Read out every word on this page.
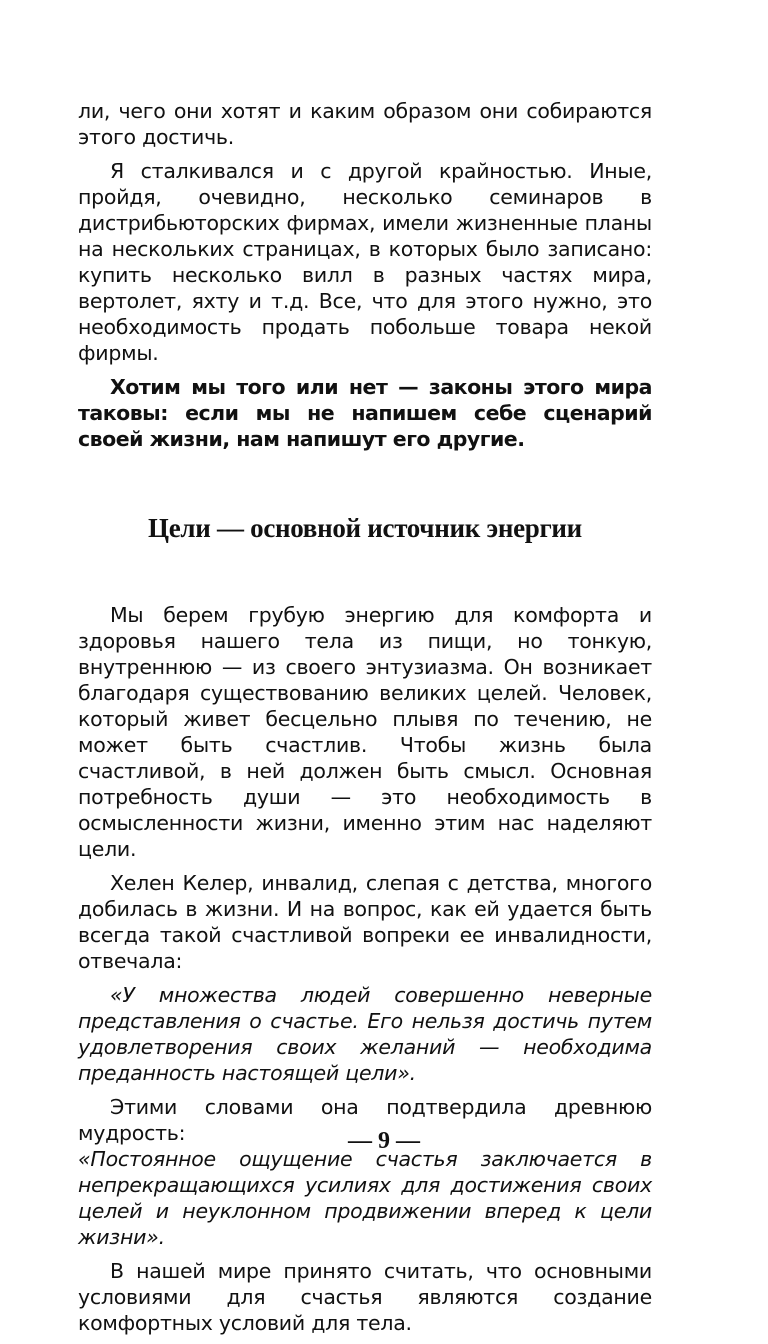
ли, чего они хотят и каким образом они собираются этого достичь.

Я сталкивался и с другой крайностью. Иные, пройдя, очевидно, несколько семинаров в дистрибьюторских фирмах, имели жизненные планы на нескольких страницах, в которых было записано: купить несколько вилл в разных частях мира, вертолет, яхту и т.д. Все, что для этого нужно, это необходимость продать побольше товара некой фирмы.

Хотим мы того или нет — законы этого мира таковы: если мы не напишем себе сценарий своей жизни, нам напишут его другие.

Цели — основной источник энергии

Мы берем грубую энергию для комфорта и здоровья нашего тела из пищи, но тонкую, внутреннюю — из своего энтузиазма. Он возникает благодаря существованию великих целей. Человек, который живет бесцельно плывя по течению, не может быть счастлив. Чтобы жизнь была счастливой, в ней должен быть смысл. Основная потребность души — это необходимость в осмысленности жизни, именно этим нас наделяют цели.

Хелен Келер, инвалид, слепая с детства, многого добилась в жизни. И на вопрос, как ей удается быть всегда такой счастливой вопреки ее инвалидности, отвечала:

«У множества людей совершенно неверные представления о счастье. Его нельзя достичь путем удовлетворения своих желаний — необходима преданность настоящей цели».

Этими словами она подтвердила древнюю мудрость:

«Постоянное ощущение счастья заключается в непрекращающихся усилиях для достижения своих целей и неуклонном продвижении вперед к цели жизни».

В нашей мире принято считать, что основными условиями для счастья являются создание комфортных условий для тела.

— 9 —
